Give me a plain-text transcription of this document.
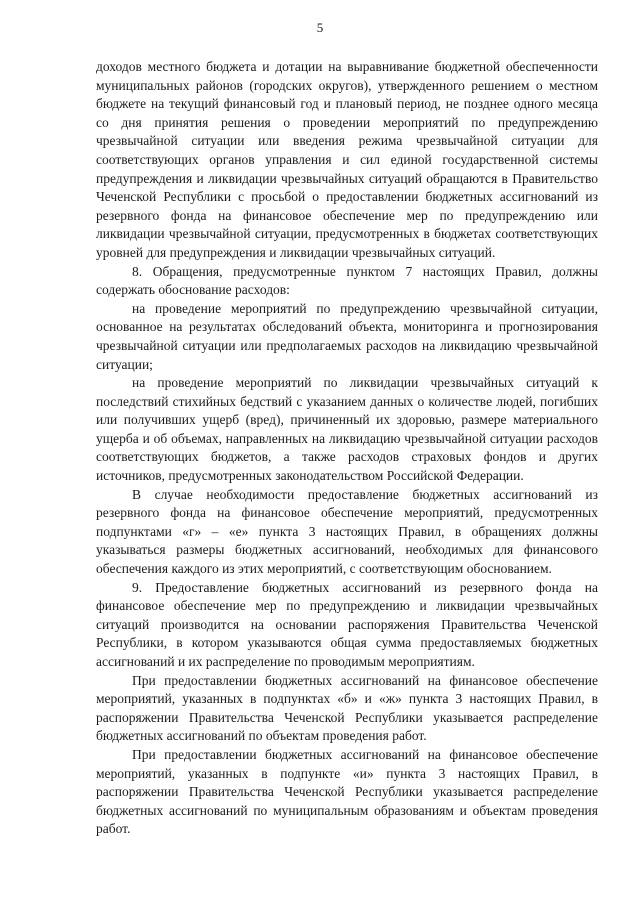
5

доходов местного бюджета и дотации на выравнивание бюджетной обеспеченности муниципальных районов (городских округов), утвержденного решением о местном бюджете на текущий финансовый год и плановый период, не позднее одного месяца со дня принятия решения о проведении мероприятий по предупреждению чрезвычайной ситуации или введения режима чрезвычайной ситуации для соответствующих органов управления и сил единой государственной системы предупреждения и ликвидации чрезвычайных ситуаций обращаются в Правительство Чеченской Республики с просьбой о предоставлении бюджетных ассигнований из резервного фонда на финансовое обеспечение мер по предупреждению или ликвидации чрезвычайной ситуации, предусмотренных в бюджетах соответствующих уровней для предупреждения и ликвидации чрезвычайных ситуаций.

8. Обращения, предусмотренные пунктом 7 настоящих Правил, должны содержать обоснование расходов:

на проведение мероприятий по предупреждению чрезвычайной ситуации, основанное на результатах обследований объекта, мониторинга и прогнозирования чрезвычайной ситуации или предполагаемых расходов на ликвидацию чрезвычайной ситуации;

на проведение мероприятий по ликвидации чрезвычайных ситуаций к последствий стихийных бедствий с указанием данных о количестве людей, погибших или получивших ущерб (вред), причиненный их здоровью, размере материального ущерба и об объемах, направленных на ликвидацию чрезвычайной ситуации расходов соответствующих бюджетов, а также расходов страховых фондов и других источников, предусмотренных законодательством Российской Федерации.

В случае необходимости предоставление бюджетных ассигнований из резервного фонда на финансовое обеспечение мероприятий, предусмотренных подпунктами «г» – «е» пункта 3 настоящих Правил, в обращениях должны указываться размеры бюджетных ассигнований, необходимых для финансового обеспечения каждого из этих мероприятий, с соответствующим обоснованием.

9. Предоставление бюджетных ассигнований из резервного фонда на финансовое обеспечение мер по предупреждению и ликвидации чрезвычайных ситуаций производится на основании распоряжения Правительства Чеченской Республики, в котором указываются общая сумма предоставляемых бюджетных ассигнований и их распределение по проводимым мероприятиям.

При предоставлении бюджетных ассигнований на финансовое обеспечение мероприятий, указанных в подпунктах «б» и «ж» пункта 3 настоящих Правил, в распоряжении Правительства Чеченской Республики указывается распределение бюджетных ассигнований по объектам проведения работ.

При предоставлении бюджетных ассигнований на финансовое обеспечение мероприятий, указанных в подпункте «и» пункта 3 настоящих Правил, в распоряжении Правительства Чеченской Республики указывается распределение бюджетных ассигнований по муниципальным образованиям и объектам проведения работ.
